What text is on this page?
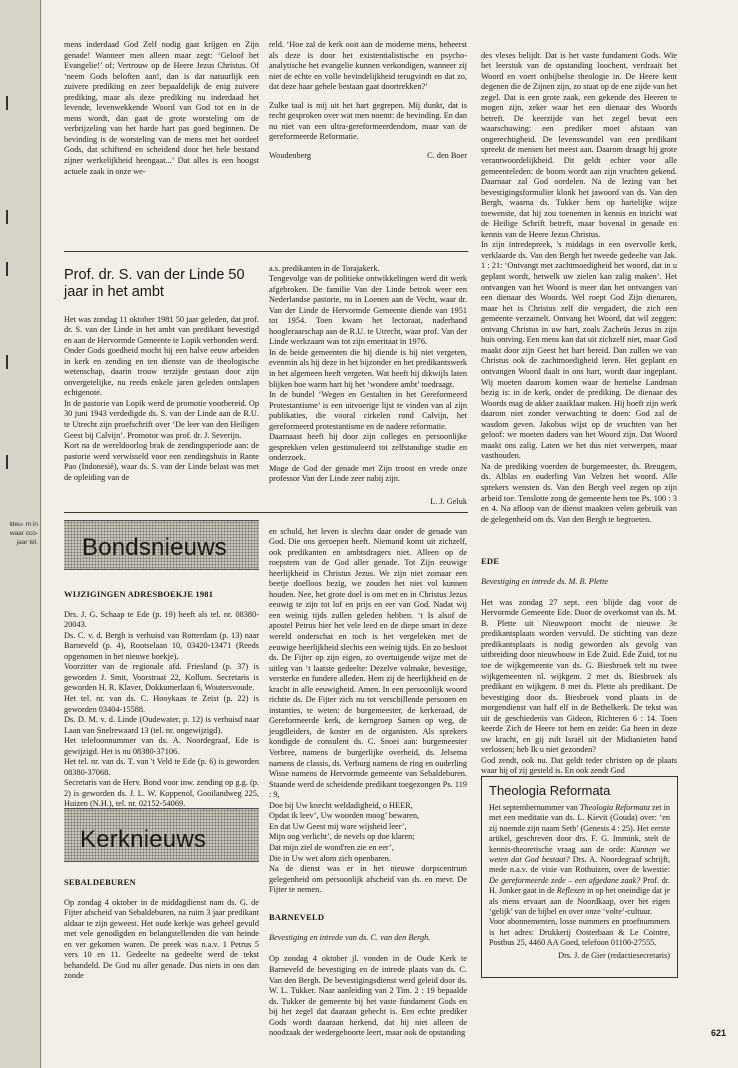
ldeu- m in waar cco- jaar tel.

mens inderdaad God Zelf nodig gaat krijgen en Zijn genade! Wanneer men alleen maar zegt: ‘Geloof het Evangelie!’ of; Vertrouw op de Heere Jezus Christus. Of ‘neem Gods beloften aan!, dan is dat natuurlijk een zuivere prediking en zeer bepaaldelijk de enig zuivere prediking, maar als deze prediking nu inderdaad het levende, levenwekkende Woord van God tot en in de mens wordt, dan gaat de grote worsteling om de verbrijzeling van het harde hart pas goed beginnen. De bevinding is de worsteling van de mens met het oordeel Gods, dat schiftend en scheidend door het hele bestand zijner werkelijkheid heengaat...’ Dat alles is een hoogst actuele zaak in onze we-

reld. ‘Hoe zal de kerk ooit aan de moderne mens, beheerst als deze is door het existentialistische en psycho-analytische het evangelie kunnen verkondigen, wanneer zij niet de echte en volle bevindelijkheid terugvindt en dat zo, dat deze haar gehele bestaan gaat doortrekken?’

Zulke taal is mij uit het hart gegrepen. Mij dunkt, dat is recht gesproken over wat men noemt: de bevinding. En dan nu niet van een ultra-gereformeerdendom, maar van de gereformeerde Reformatie.

Woudenberg	C. den Boer

des vleses belijdt. Dat is het vaste fundament Gods. Wie het leerstuk van de opstanding loochent, verdraait het Woord en voert onbijbelse theologie in. De Heere kent degenen die de Zijnen zijn, zo staat op de ene zijde van het zegel. Dat is een grote zaak, een gekende des Heeren te mogen zijn, zeker waar het een dienaar des Woords betreft. De keerzijde van het zegel bevat een waarschuwing: een prediker moet afstaan van ongerechtigheid. De levenswandel van een predikant spreekt de mensen het meest aan. Daarom draagt hij grote verantwoordelijkheid. Dit geldt echter voor alle gemeenteleden: de boom wordt aan zijn vruchten gekend. Daarnaar zal God oordelen. Na de lezing van het bevestigingsformulier klonk het jawoord van ds. Van den Bergh, waarna ds. Tukker hem op hartelijke wijze toewenste, dat hij zou toenemen in kennis en inzicht wat de Heilige Schrift betreft, maar bovenal in genade en kennis van de Heere Jezus Christus.
In zijn intredepreek, 's middags in een overvolle kerk, verklaarde ds. Van den Bergh het tweede gedeelte van Jak. 1 : 21: ‘Ontvangt met zachtmoedigheid het woord, dat in u geplant wordt, hetwelk uw zielen kan zalig maken’. Het ontvangen van het Woord is meer dan het ontvangen van een dienaar des Woords. Wel roept God Zijn dienaren, maar het is Christus zelf die vergadert, die zich een gemeente verzamelt. Ontvang het Woord, dat wil zeggen: ontvang Christus in uw hart, zoals Zacheüs Jezus in zijn huis ontving. Een mens kan dat uit zichzelf niet, maar God maakt door zijn Geest het hart bereid. Dan zullen we van Christus ook de zachtmoedigheid leren. Het geplant en ontvangen Woord daalt in ons hart, wordt daar ingeplant. Wij moeten daarom komen waar de hemelse Landman bezig is: in de kerk, onder de prediking. De dienaar des Woords mag de akker zaaiklaar maken. Hij hoeft zijn werk daarom niet zonder verwachting te doen: God zal de wasdom geven. Jakobus wijst op de vruchten van het geloof: we moeten daders van het Woord zijn. Dat Woord maakt ons zalig. Laten we het dus niet verwerpen, maar vasthouden.
Na de prediking voerden de burgemeester, ds. Breugem, ds. Alblas en ouderling Van Velzen het woord. Alle sprekers wensten ds. Van den Bergh veel zegen op zijn arbeid toe. Tenslotte zong de gemeente hem toe Ps. 100 : 3 en 4. Na afloop van de dienst maakten velen gebruik van de gelegenheid om ds. Van den Bergh te begroeten.

Prof. dr. S. van der Linde 50 jaar in het ambt

Het was zondag 11 oktober 1981 50 jaar geleden, dat prof. dr. S. van der Linde in het ambt van predikant bevestigd en aan de Hervormde Gemeente te Lopik verbonden werd.
Onder Gods goedheid mocht hij een halve eeuw arbeiden in kerk en zending en ten dienste van de theologische wetenschap, daarin trouw terzijde gestaan door zijn onvergetelijke, nu reeds enkele jaren geleden ontslapen echtgenote.
In de pastorie van Lopik werd de promotie voorbereid. Op 30 juni 1943 verdedigde ds. S. van der Linde aan de R.U. te Utrecht zijn proefschrift over ‘De leer van den Heiligen Geest bij Calvijn’. Promotor was prof. dr. J. Severijn.
Kort na de wereldoorlog brak de zendingsperiode aan: de pastorie werd verwisseld voor een zendingshuis in Rante Pao (Indonesië), waar ds. S. van der Linde belast was met de opleiding van de

a.s. predikanten in de Torajakerk.
Tengevolge van de politieke ontwikkelingen werd dit werk afgebroken. De familie Van der Linde betrok weer een Nederlandse pastorie, nu in Loenen aan de Vecht, waar dr. Van der Linde de Hervormde Gemeente diende van 1951 tot 1954. Toen kwam het lectoraat, naderhand hoogleraarschap aan de R.U. te Utrecht, waar prof. Van der Linde werkzaam was tot zijn emeritaat in 1976.
In de beide gemeenten die hij diende is hij niet vergeten, evenmin als hij deze in het bijzonder en het predikantswerk in het algemeen heeft vergeten. Wat heeft hij dikwijls laten blijken hoe warm hart hij het ‘wondere ambt’ toedraagt.
In de bundel ‘Wegen en Gestalten in het Gereformeerd Protestantisme’ is een uitvoerige lijst te vinden van al zijn publikaties, die vooral cirkelen rond Calvijn, het gereformeerd protestantisme en de nadere reformatie.
Daarnaast heeft hij door zijn colleges en persoonlijke gesprekken velen gestimuleerd tot zelfstandige studie en onderzoek.
Moge de God der genade met Zijn troost en vrede onze professor Van der Linde zeer nabij zijn.

L. J. Geluk

Bondsnieuws

WIJZIGINGEN ADRESBOEKJE 1981

Drs. J. G. Schaap te Ede (p. 19) heeft als tel. nr. 08380-20043.
Ds. C. v. d. Bergh is verhuisd van Rotterdam (p. 13) naar Barneveld (p. 4), Rootselaan 10, 03420-13471 (Reeds opgenomen in het nieuwe boekje).
Voorzitter van de regionale afd. Friesland (p. 37) is geworden J. Smit, Voorstraat 22, Kollum. Secretaris is geworden H. R. Klaver, Dokkumerlaan 6, Woutersvoude.
Het tel. nr. van ds. C. Hooykaas te Zeist (p. 22) is geworden 03404-15588.
Ds. D. M. v. d. Linde (Oudewater, p. 12) is verhuisd naar Laan van Snelrewaard 13 (tel. nr. ongewijzigd).
Het telefoonnummer van ds. A. Noordegraaf, Ede is gewijzigd. Het is nu 08380-37106.
Het tel. nr. van ds. T. van 't Veld te Ede (p. 6) is geworden 08380-37068.
Secretaris van de Herv. Bond voor inw. zending op g.g. (p. 2) is geworden ds. J. L. W. Koppenol, Gooilandweg 225, Huizen (N.H.), tel. nr. 02152-54069.

Kerknieuws

SEBALDEBUREN

Op zondag 4 oktober in de middagdienst nam ds. G. de Fijter afscheid van Sebaldeburen, na ruim 3 jaar predikant aldaar te zijn geweest. Het oude kerkje was geheel gevuld met vele genodigden en belangstellenden die van heinde en ver gekomen waren. De preek was n.a.v. 1 Petrus 5 vers 10 en 11. Gedeelte na gedeelte werd de tekst behandeld. De God nu aller genade. Dus niets in ons dan zonde

en schuld, het leven is slechts daar onder de genade van God. Die ons geroepen heeft. Niemand komt uit zichzelf, ook predikanten en ambtsdragers niet. Alleen op de roepstem van de God aller genade. Tot Zijn eeuwige heerlijkheid in Christus Jezus. We zijn niet zomaar een beetje doelloos bezig, we zouden het niet vol kunnen houden. Nee, het grote doel is om met en in Christus Jezus eeuwig te zijn tot lof en prijs en eer van God. Nadat wij een weinig tijds zullen geleden hebben. ‘t Is alsof de apostel Petrus hier het vele leed en de diepe smart in deze wereld onderschat en toch is het vergeleken met de eeuwige heerlijkheid slechts een weinig tijds. En zo besloot ds. De Fijter op zijn eigen, zo overtuigende wijze met de uitleg van ‘t laatste gedeelte: Dezelve volmake, bevestige, versterke en fundere alleden. Hem zij de heerlijkheid en de kracht in alle eeuwigheid. Amen. In een persoonlijk woord richtte ds. De Fijter zich nu tot verschillende personen en instanties, te weten: de burgemeester, de kerkeraad, de Gereformeerde kerk, de kerngroep Samen op weg, de jeugdleiders, de koster en de organisten. Als sprekers kondigde de consulent ds. C. Snoei aan: burgemeester Verbree, namens de burgerlijke overheid, ds. Jelsema namens de classis, ds. Verburg namens de ring en ouderling Wisse namens de Hervormde gemeente van Sebaldeburen. Staande werd de scheidende predikant toegezongen Ps. 119 : 9,
Doe bij Uw knecht weldadigheid, o HEER,
Opdat ik leev’, Uw woorden moog’ bewaren,
En dat Uw Geest mij ware wijsheid leer’,
Mijn oog verlicht’, de nevels op doe klaren;
Dat mijn ziel de wond'ren zie en eer’,
Die in Uw wet alom zich openbaren.
Na de dienst was er in het nieuwe dorpscentrum gelegenheid om persoonlijk afscheid van ds. en mevr. De Fijter te nemen.

BARNEVELD

Bevestiging en intrede van ds. C. van den Bergh.

Op zondag 4 oktober jl. vonden in de Oude Kerk te Barneveld de bevestiging en de intrede plaats van ds. C. Van den Bergh. De bevestigingsdienst werd geleid door ds. W. L. Tukker. Naar aanleiding van 2 Tim. 2 : 19 bepaalde ds. Tukker de gemeente bij het vaste fundament Gods en bij het zegel dat daaraan gehecht is. Een echte prediker Gods wordt daaraan herkend, dat hij niet alleen de noodzaak der wedergeboorte leert, maar ook de opstanding

EDE

Bevestiging en intrede ds. M. B. Plette

Het was zondag 27 sept. een blijde dag voor de Hervormde Gemeente Ede. Door de overkomst van ds. M. B. Plette uit Nieuwpoort mocht de nieuwe 3e predikantsplaats worden vervuld. De stichting van deze predikantsplaats is nodig geworden als gevolg van uitbreiding door nieuwbouw in Ede Zuid. Ede Zuid, tot nu toe de wijkgemeente van ds. G. Biesbroek telt nu twee wijkgemeenten nl. wijkgem. 2 met ds. Biesbroek als predikant en wijkgem. 8 met ds. Plette als predikant. De bevestiging door ds. Biesbroek vond plaats in de morgendienst van half elf in de Bethelkerk. De tekst was uit de geschiedenis van Gideon, Richteren 6 : 14. Toen keerde Zich de Heere tot hem en zeide: Ga heen in deze uw kracht, en gij zult Israël uit der Midianieten hand verlossen; heb Ik u niet gezonden?
God zendt, ook nu. Dat geldt teder christen op de plaats waar hij of zij gesteld is. En ook zendt God

Theologia Reformata
Het septembernummer van Theologia Reformata zet in met een meditatie van ds. L. Kievit (Gouda) over: ‘en zij noemde zijn naam Seth’ (Genesis 4 : 25). Het eerste artikel, geschreven door drs. F. G. Immink, stelt de kennis-theoretische vraag aan de orde: Kunnen we weten dat God bestaat? Drs. A. Noordegraaf schrijft, mede n.a.v. de visie van Rothuizen, over de kwestie: De gereformeerde zede – een afgedane zaak? Prof. dr. H. Jonker gaat in de Reflexen in op het oneindige dat je als mens ervaart aan de Noordkaap, over het eigen ‘gelijk’ van de bijbel en over onze ‘volte’-cultuur.
Voor abonnementen, losse nummers en proefnummers is het adres: Drukkerij Oosterbaan & Le Cointre, Postbus 25, 4460 AA Goed, telefoon 01100-27555.
Drs. J. de Gier (redactiesecretaris)
621
